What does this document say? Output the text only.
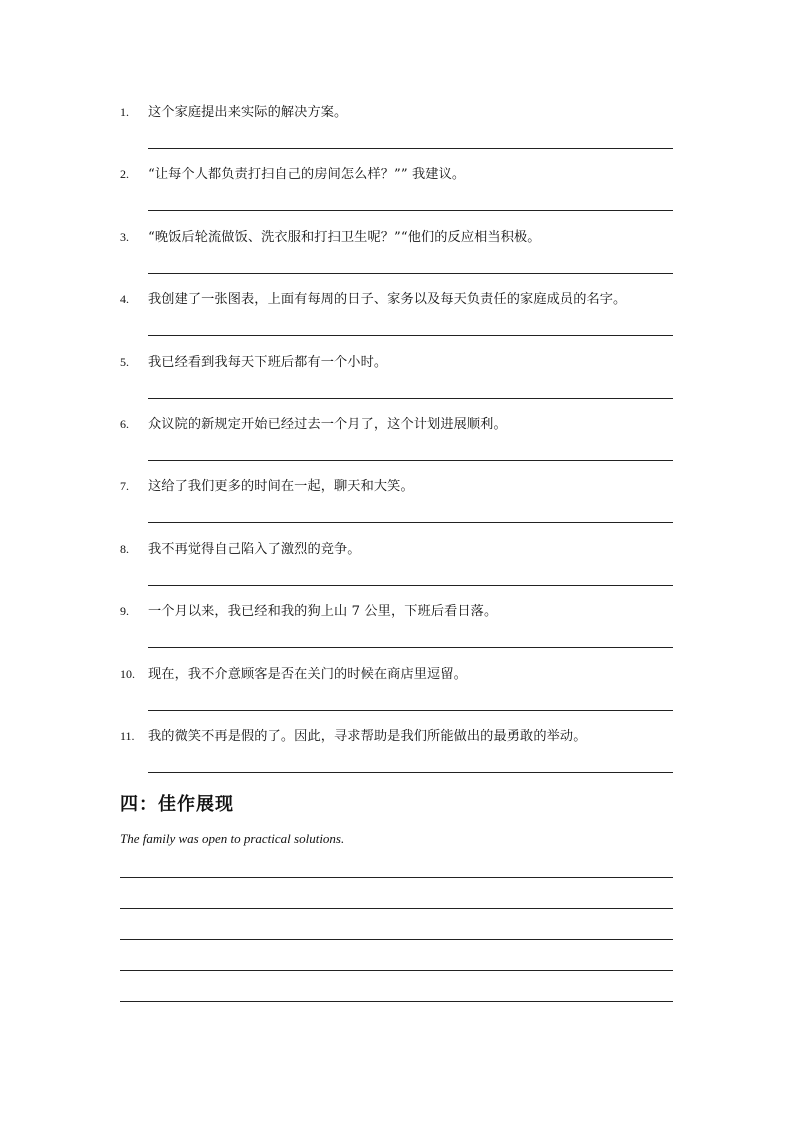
1.	这个家庭提出来实际的解决方案。
2.	“让每个人都负责打扫自己的房间怎么样？”” 我建议。
3.	“晚饭后轮流做饭、洗衣服和打扫卫生呢？”“他们的反应相当积极。
4.	我创建了一张图表，上面有每周的日子、家务以及每天负责任的家庭成员的名字。
5.	我已经看到我每天下班后都有一个小时。
6.	众议院的新规定开始已经过去一个月了，这个计划进展顺利。
7.	这给了我们更多的时间在一起，聊天和大笑。
8.	我不再觉得自己陷入了激烈的竞争。
9.	一个月以来，我已经和我的狗上山 7 公里，下班后看日落。
10. 现在，我不介意顾客是否在关门的时候在商店里逗留。
11.	我的微笑不再是假的了。因此，寻求帮助是我们所能做出的最勇敢的举动。
四：佳作展现
The family was open to practical solutions.
